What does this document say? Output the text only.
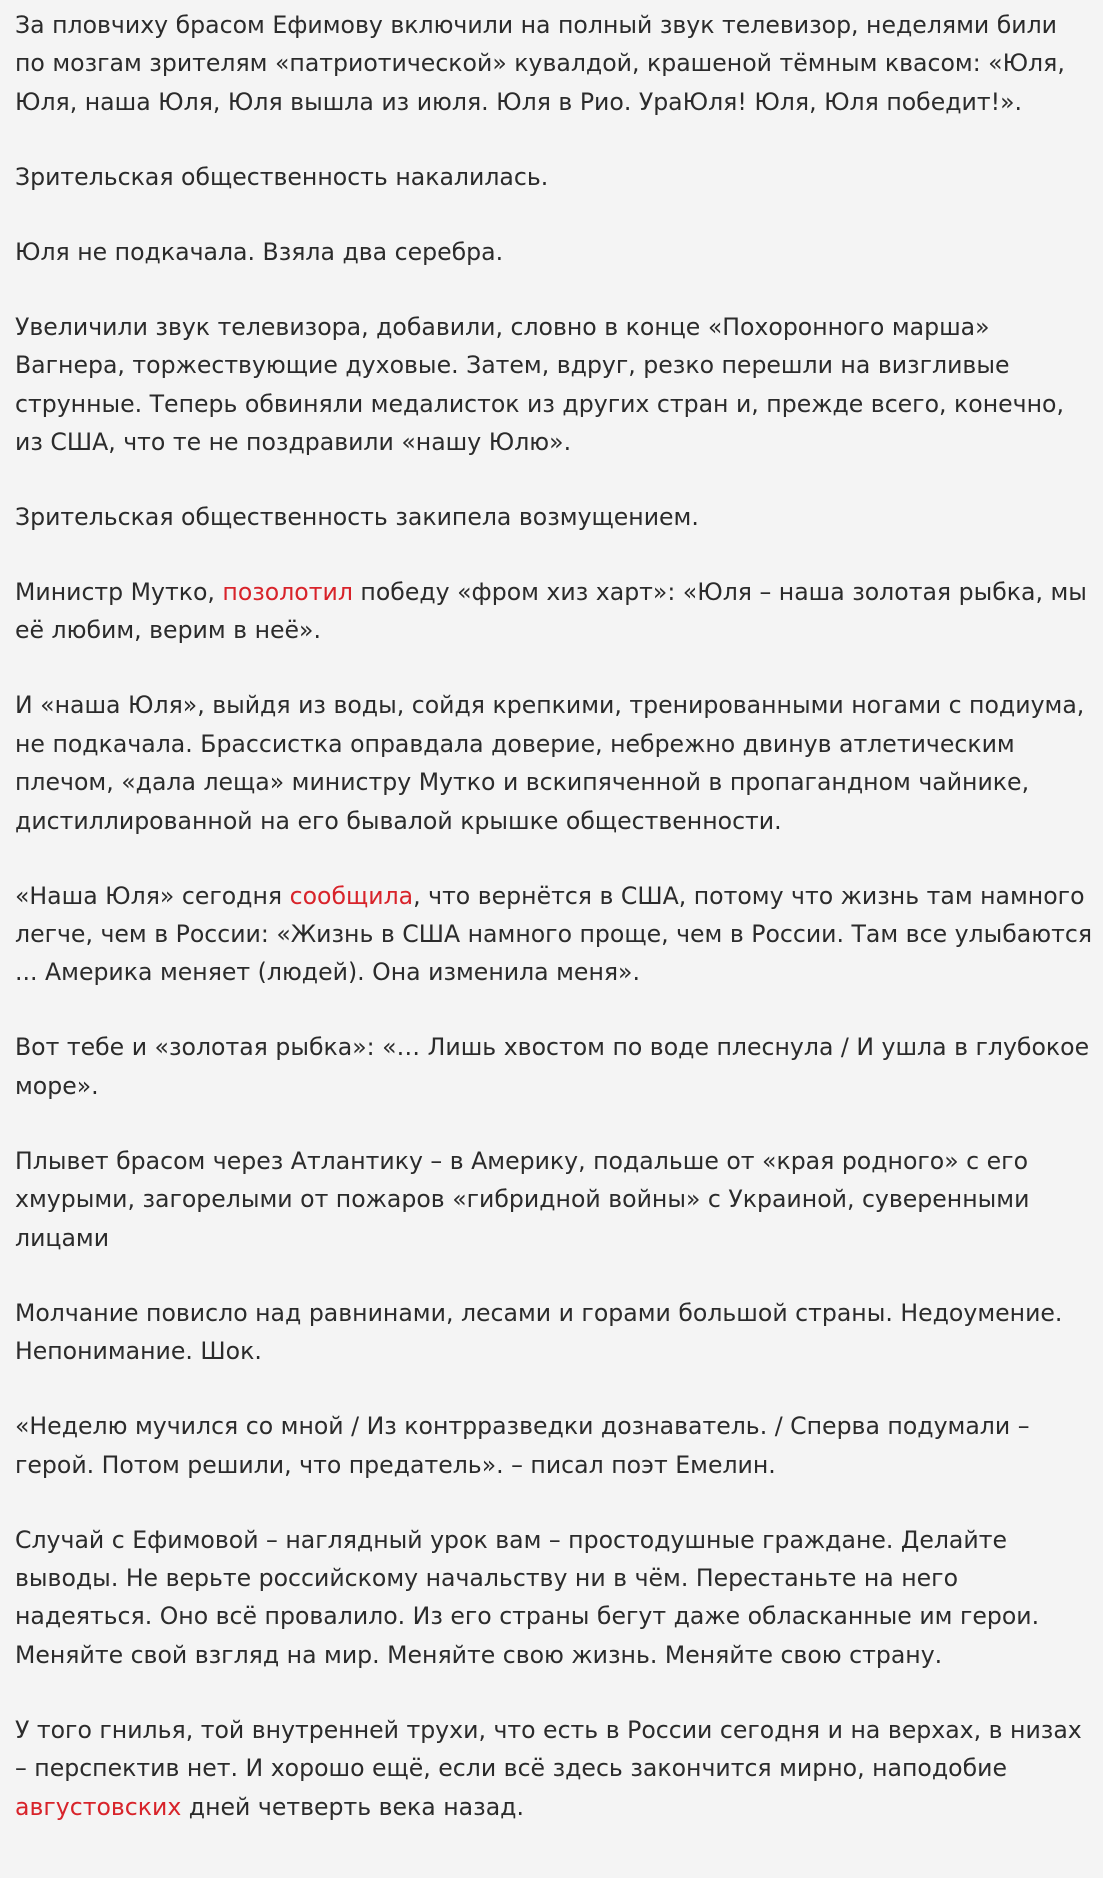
За пловчиху брасом Ефимову включили на полный звук телевизор, неделями били по мозгам зрителям «патриотической» кувалдой, крашеной тёмным квасом: «Юля, Юля, наша Юля, Юля вышла из июля. Юля в Рио. УраЮля! Юля, Юля победит!».

Зрительская общественность накалилась.

Юля не подкачала. Взяла два серебра.

Увеличили звук телевизора, добавили, словно в конце «Похоронного марша» Вагнера, торжествующие духовые. Затем, вдруг, резко перешли на визгливые струнные. Теперь обвиняли медалисток из других стран и, прежде всего, конечно, из США, что те не поздравили «нашу Юлю».

Зрительская общественность закипела возмущением.

Министр Мутко, позолотил победу «фром хиз харт»: «Юля – наша золотая рыбка, мы её любим, верим в неё».

И «наша Юля», выйдя из воды, сойдя крепкими, тренированными ногами с подиума, не подкачала. Брассистка оправдала доверие, небрежно двинув атлетическим плечом, «дала леща» министру Мутко и вскипяченной в пропагандном чайнике, дистиллированной на его бывалой крышке общественности.

«Наша Юля» сегодня сообщила, что вернётся в США, потому что жизнь там намного легче, чем в России: «Жизнь в США намного проще, чем в России. Там все улыбаются ... Америка меняет (людей). Она изменила меня».

Вот тебе и «золотая рыбка»: «… Лишь хвостом по воде плеснула / И ушла в глубокое море».

Плывет брасом через Атлантику – в Америку, подальше от «края родного» с его хмурыми, загорелыми от пожаров «гибридной войны» с Украиной, суверенными лицами

Молчание повисло над равнинами, лесами и горами большой страны. Недоумение. Непонимание. Шок.

«Неделю мучился со мной / Из контрразведки дознаватель. / Сперва подумали – герой. Потом решили, что предатель». – писал поэт Емелин.

Случай с Ефимовой – наглядный урок вам – простодушные граждане. Делайте выводы. Не верьте российскому начальству ни в чём. Перестаньте на него надеяться. Оно всё провалило. Из его страны бегут даже обласканные им герои. Меняйте свой взгляд на мир. Меняйте свою жизнь. Меняйте свою страну.

У того гнилья, той внутренней трухи, что есть в России сегодня и на верхах, в низах – перспектив нет. И хорошо ещё, если всё здесь закончится мирно, наподобие августовских дней четверть века назад.
